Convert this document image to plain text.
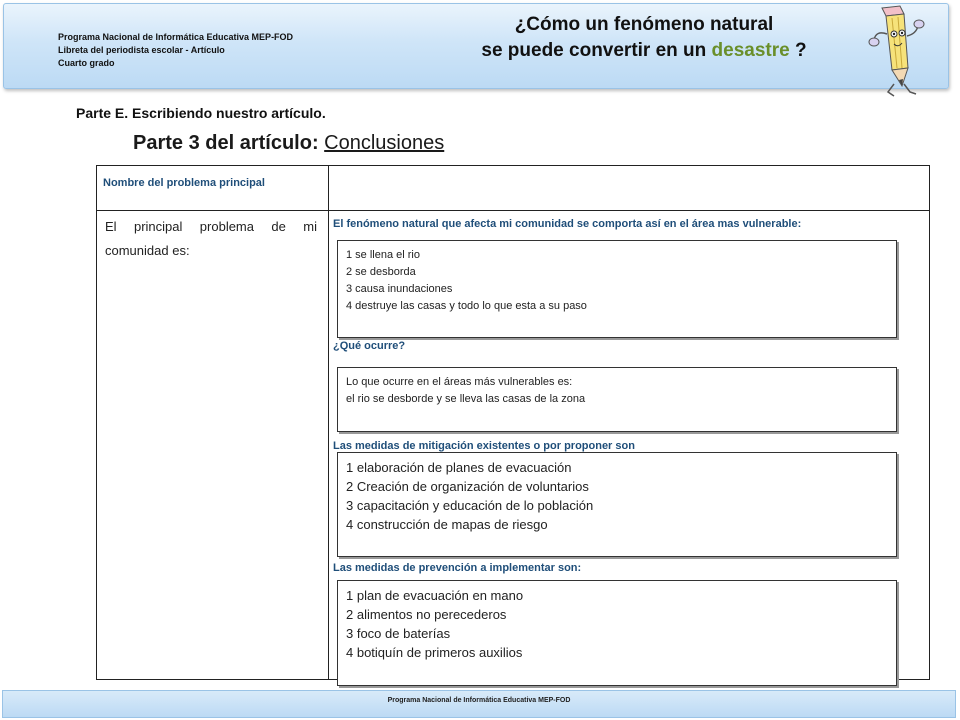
Programa Nacional de Informática Educativa MEP-FOD
Libreta del periodista escolar - Artículo
Cuarto grado
¿Cómo un fenómeno natural
se puede convertir en un desastre ?
Parte E. Escribiendo nuestro artículo.
Parte 3 del artículo: Conclusiones
Nombre del problema principal
El principal problema de mi
comunidad es:
El fenómeno natural que afecta mi comunidad se comporta así en el área mas vulnerable:
1 se llena el rio
2 se desborda
3 causa inundaciones
4 destruye las casas y todo lo que esta a su paso
¿Qué ocurre?
Lo que ocurre en el áreas más vulnerables es:
el rio se desborde y se lleva las casas de la zona
Las medidas de mitigación existentes o por proponer son
1 elaboración de planes de evacuación
2 Creación de organización de voluntarios
3 capacitación y educación de lo población
4 construcción de mapas de riesgo
Las medidas de prevención a implementar son:
1 plan de evacuación en mano
2 alimentos no perecederos
3 foco de baterías
4 botiquín de primeros auxilios
Programa Nacional de Informática Educativa MEP-FOD
